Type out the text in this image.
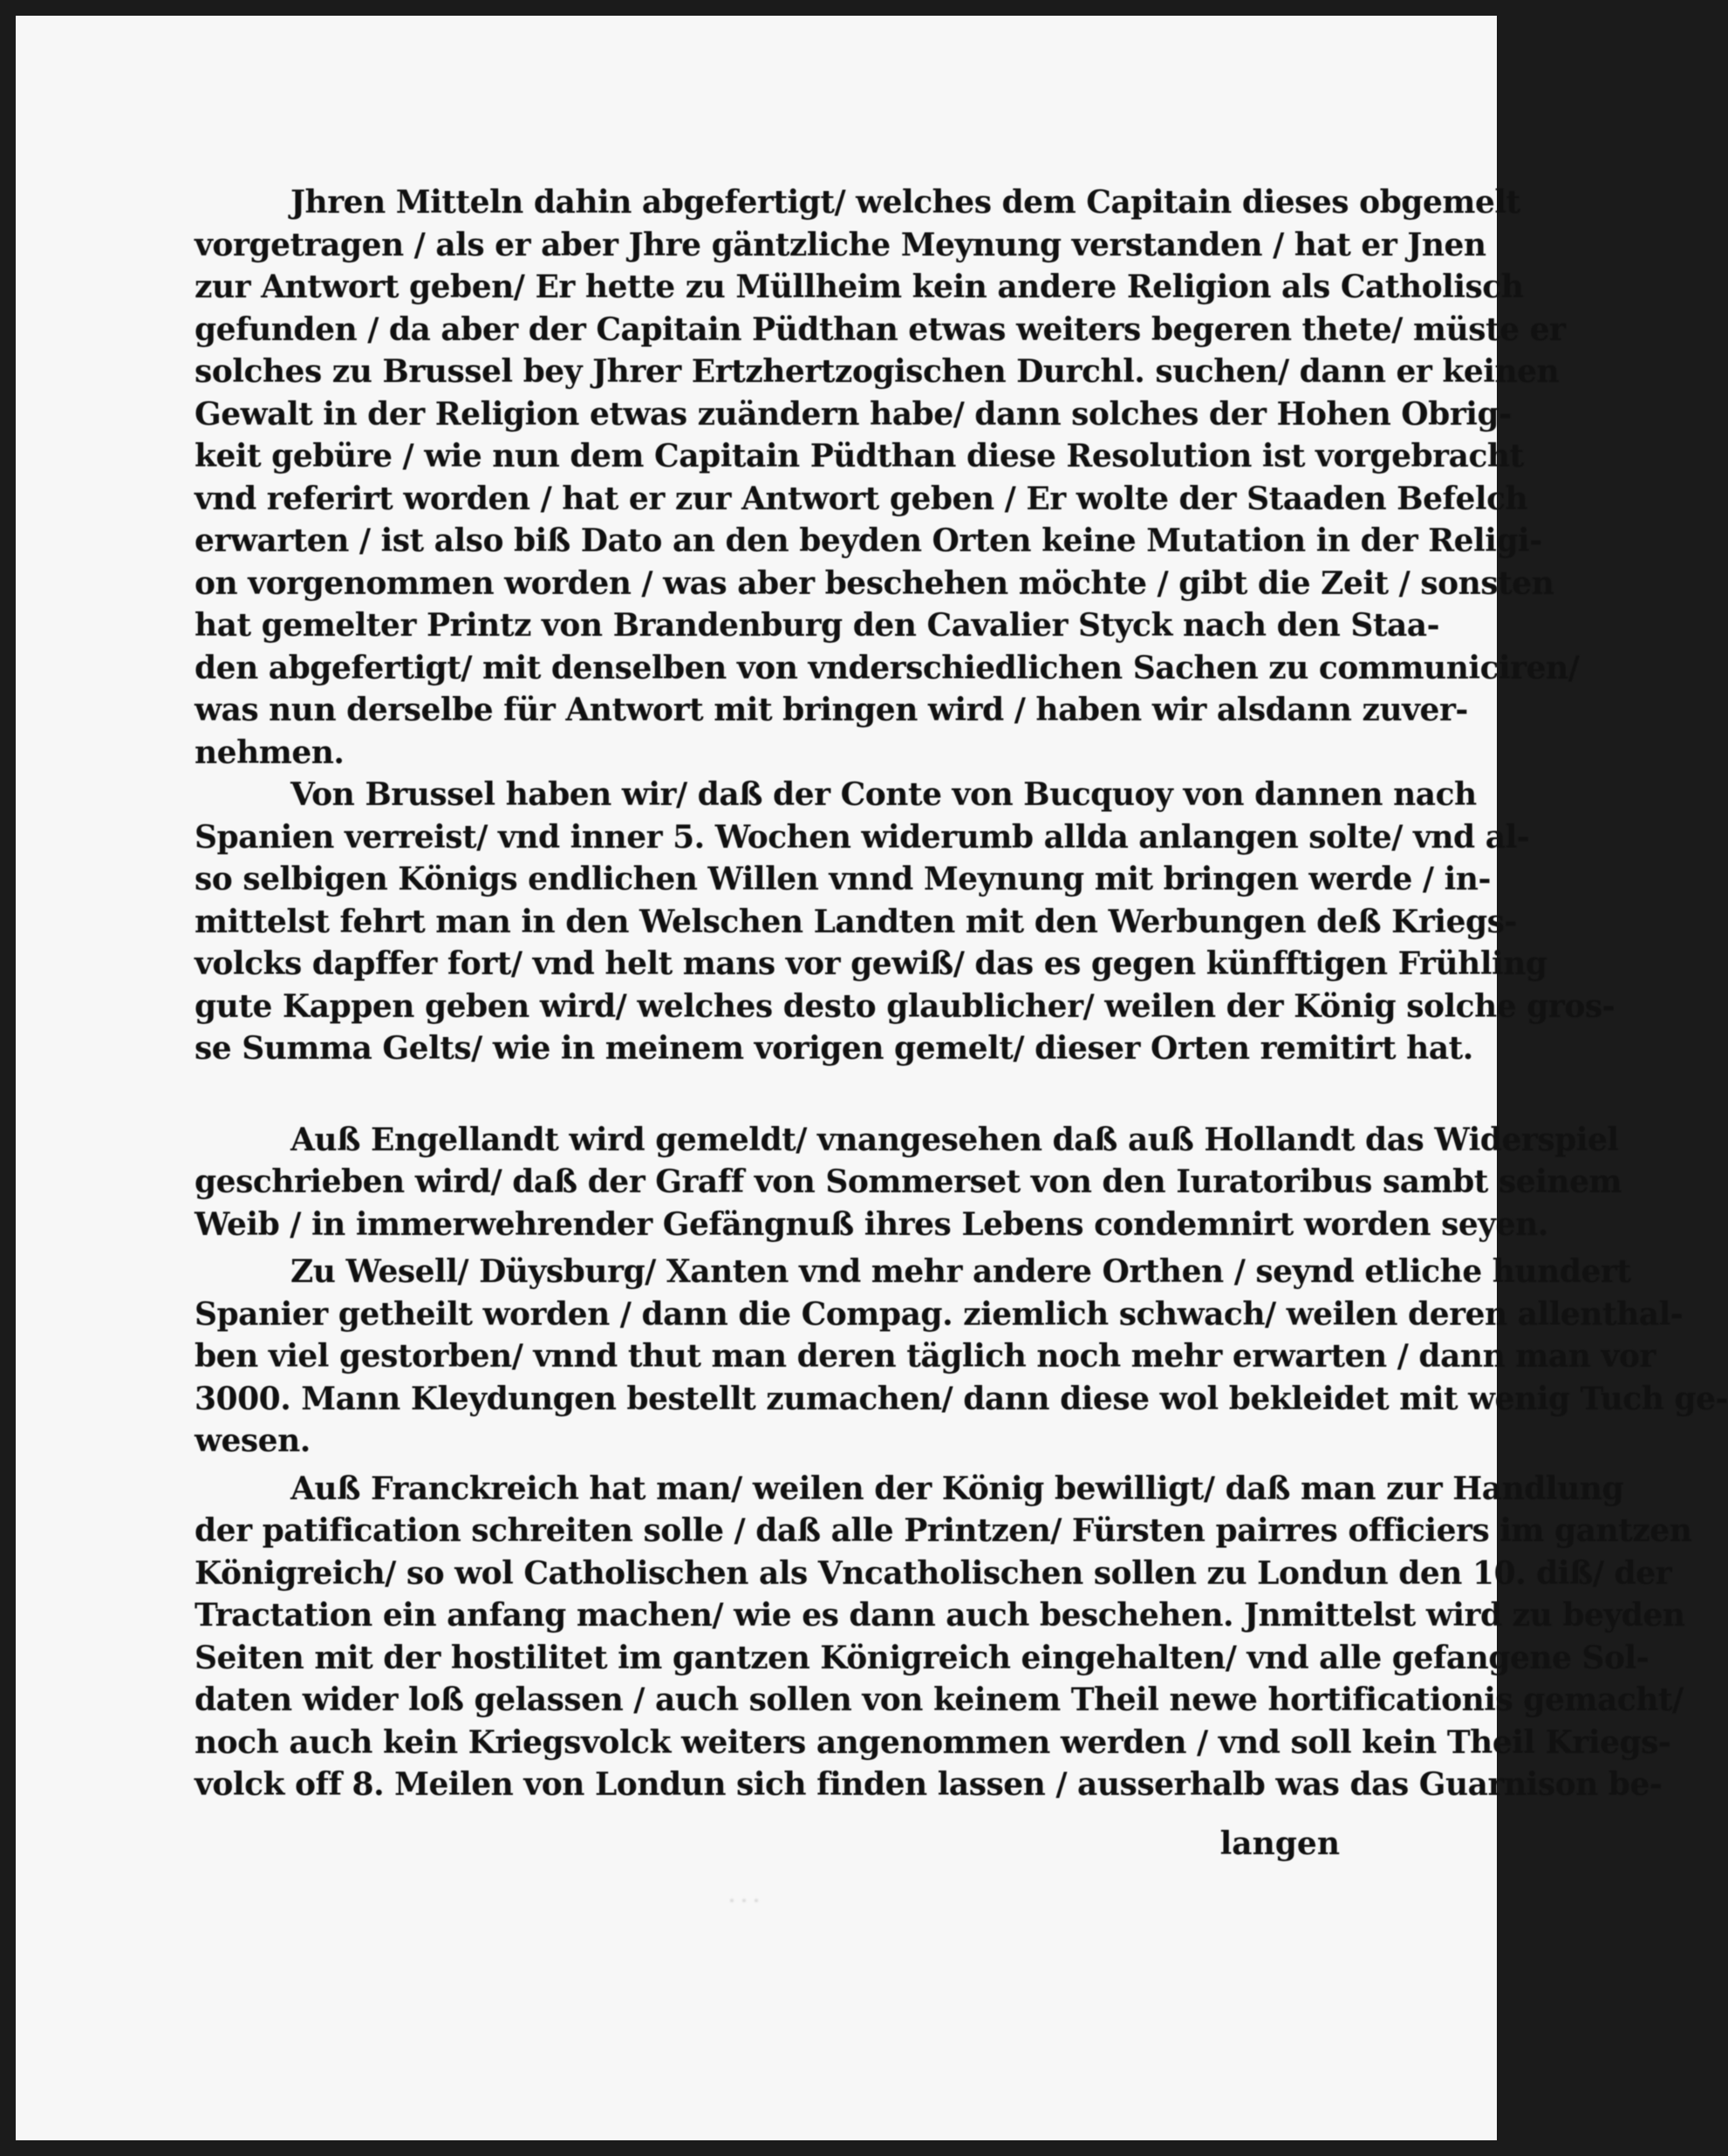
Jhren Mitteln dahin abgefertigt/ welches dem Capitain dieses obgemelt
vorgetragen / als er aber Jhre gäntzliche Meynung verstanden / hat er Jnen
zur Antwort geben/ Er hette zu Müllheim kein andere Religion als Catholisch
gefunden / da aber der Capitain Püdthan etwas weiters begeren thete/ müste er
solches zu Brussel bey Jhrer Ertzhertzogischen Durchl. suchen/ dann er keinen
Gewalt in der Religion etwas zuändern habe/ dann solches der Hohen Obrig-
keit gebüre / wie nun dem Capitain Püdthan diese Resolution ist vorgebracht
vnd referirt worden / hat er zur Antwort geben / Er wolte der Staaden Befelch
erwarten / ist also biß Dato an den beyden Orten keine Mutation in der Religi-
on vorgenommen worden / was aber beschehen möchte / gibt die Zeit / sonsten
hat gemelter Printz von Brandenburg den Cavalier Styck nach den Staa-
den abgefertigt/ mit denselben von vnderschiedlichen Sachen zu communiciren/
was nun derselbe für Antwort mit bringen wird / haben wir alsdann zuver-
nehmen.
Von Brussel haben wir/ daß der Conte von Bucquoy von dannen nach
Spanien verreist/ vnd inner 5. Wochen widerumb allda anlangen solte/ vnd al-
so selbigen Königs endlichen Willen vnnd Meynung mit bringen werde / in-
mittelst fehrt man in den Welschen Landten mit den Werbungen deß Kriegs-
volcks dapffer fort/ vnd helt mans vor gewiß/ das es gegen künfftigen Frühling
gute Kappen geben wird/ welches desto glaublicher/ weilen der König solche gros-
se Summa Gelts/ wie in meinem vorigen gemelt/ dieser Orten remitirt hat.
Auß Engellandt wird gemeldt/ vnangesehen daß auß Hollandt das Widerspiel
geschrieben wird/ daß der Graff von Sommerset von den Iuratoribus sambt seinem
Weib / in immerwehrender Gefängnuß ihres Lebens condemnirt worden seyen.
Zu Wesell/ Düysburg/ Xanten vnd mehr andere Orthen / seynd etliche hundert
Spanier getheilt worden / dann die Compag. ziemlich schwach/ weilen deren allenthal-
ben viel gestorben/ vnnd thut man deren täglich noch mehr erwarten / dann man vor
3000. Mann Kleydungen bestellt zumachen/ dann diese wol bekleidet mit wenig Tuch ge-
wesen.
Auß Franckreich hat man/ weilen der König bewilligt/ daß man zur Handlung
der patification schreiten solle / daß alle Printzen/ Fürsten pairres officiers im gantzen
Königreich/ so wol Catholischen als Vncatholischen sollen zu Londun den 10. diß/ der
Tractation ein anfang machen/ wie es dann auch beschehen. Jnmittelst wird zu beyden
Seiten mit der hostilitet im gantzen Königreich eingehalten/ vnd alle gefangene Sol-
daten wider loß gelassen / auch sollen von keinem Theil newe hortificationis gemacht/
noch auch kein Kriegsvolck weiters angenommen werden / vnd soll kein Theil Kriegs-
volck off 8. Meilen von Londun sich finden lassen / ausserhalb was das Guarnison be-
langen
· · ·
